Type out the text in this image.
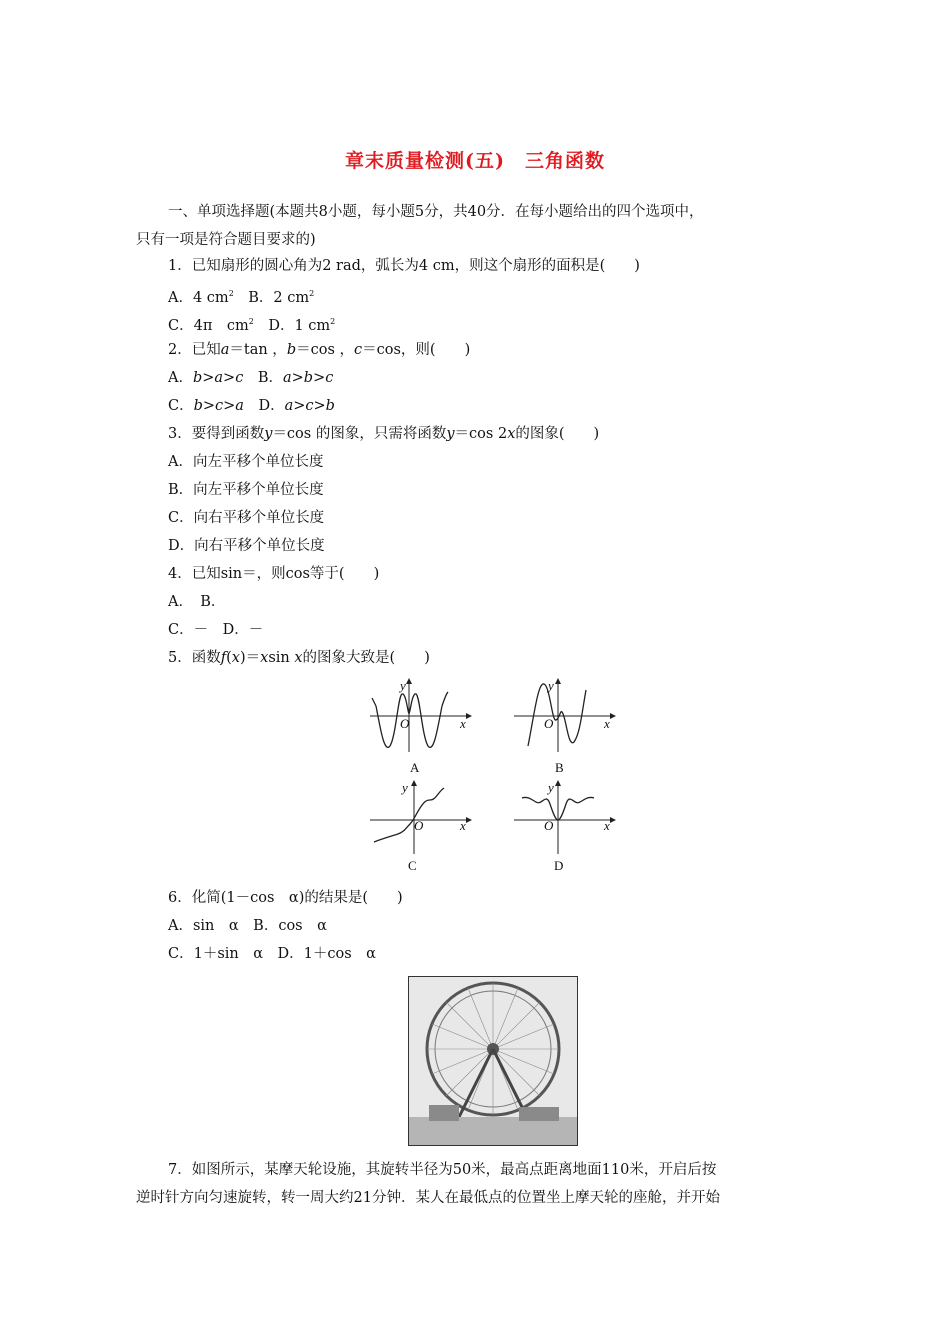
章末质量检测(五)　三角函数
一、单项选择题(本题共8小题，每小题5分，共40分．在每小题给出的四个选项中，
只有一项是符合题目要求的)
1．已知扇形的圆心角为2 rad，弧长为4 cm，则这个扇形的面积是(　　)
A．4 $cm^2$　 B．2 $cm^2$
C．4π　$cm^2$　 D．1 $cm^2$
2．已知a＝tan ，b＝cos ，c＝cos，则(　　)
A．b>a>c　 B．a>b>c
C．b>c>a　 D．a>c>b
3．要得到函数y＝cos 的图象，只需将函数y＝cos 2x的图象(　　)
A．向左平移个单位长度
B．向左平移个单位长度
C．向右平移个单位长度
D．向右平移个单位长度
4．已知sin＝，则cos等于(　　)
A．　B．
C．－　D．－
5．函数f(x)＝xsin x的图象大致是(　　)
y
x
O
A
y
x
O
B
y
x
O
C
y
x
O
D
6．化简(1－cos　α)的结果是(　　)
A．sin　α　B．cos　α
C．1＋sin　α　D．1＋cos　α
7．如图所示，某摩天轮设施，其旋转半径为50米，最高点距离地面110米，开启后按
逆时针方向匀速旋转，转一周大约21分钟．某人在最低点的位置坐上摩天轮的座舱，并开始
